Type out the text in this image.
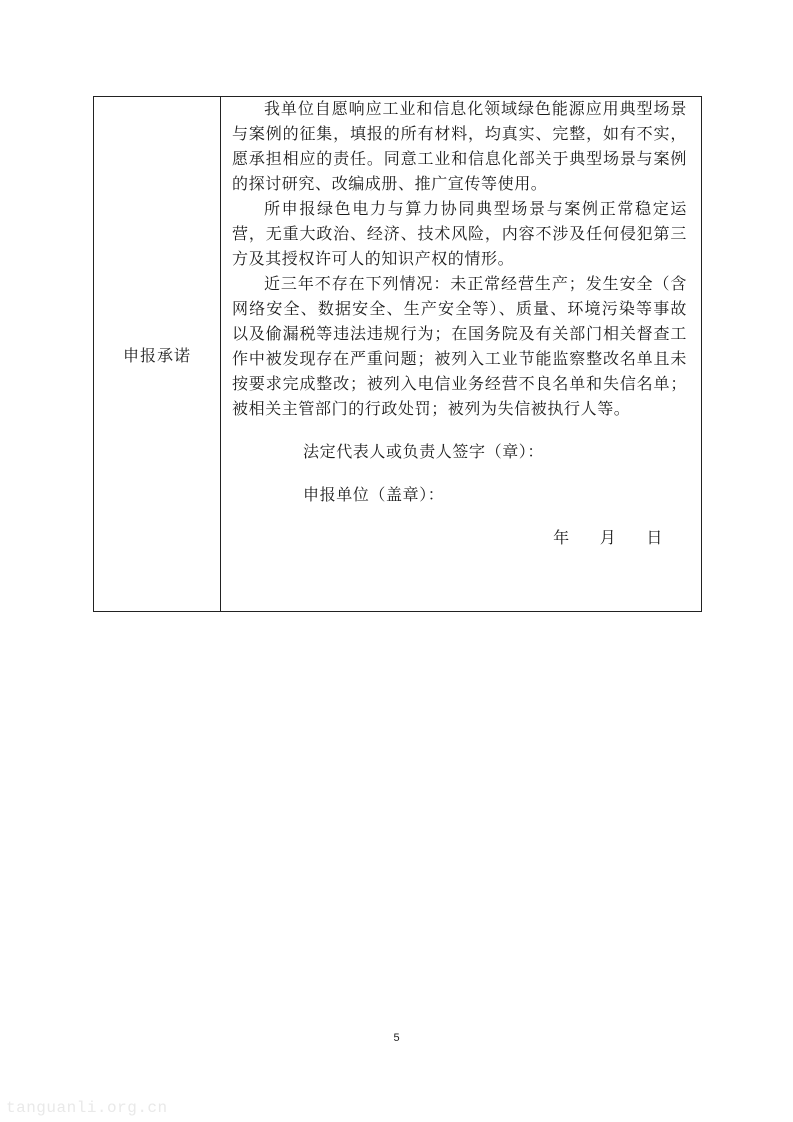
申报承诺

我单位自愿响应工业和信息化领域绿色能源应用典型场景与案例的征集，填报的所有材料，均真实、完整，如有不实，愿承担相应的责任。同意工业和信息化部关于典型场景与案例的探讨研究、改编成册、推广宣传等使用。

所申报绿色电力与算力协同典型场景与案例正常稳定运营，无重大政治、经济、技术风险，内容不涉及任何侵犯第三方及其授权许可人的知识产权的情形。

近三年不存在下列情况：未正常经营生产；发生安全（含网络安全、数据安全、生产安全等）、质量、环境污染等事故以及偷漏税等违法违规行为；在国务院及有关部门相关督查工作中被发现存在严重问题；被列入工业节能监察整改名单且未按要求完成整改；被列入电信业务经营不良名单和失信名单；被相关主管部门的行政处罚；被列为失信被执行人等。

法定代表人或负责人签字（章）：
申报单位（盖章）：
年 月 日
5
tanguanli.org.cn
